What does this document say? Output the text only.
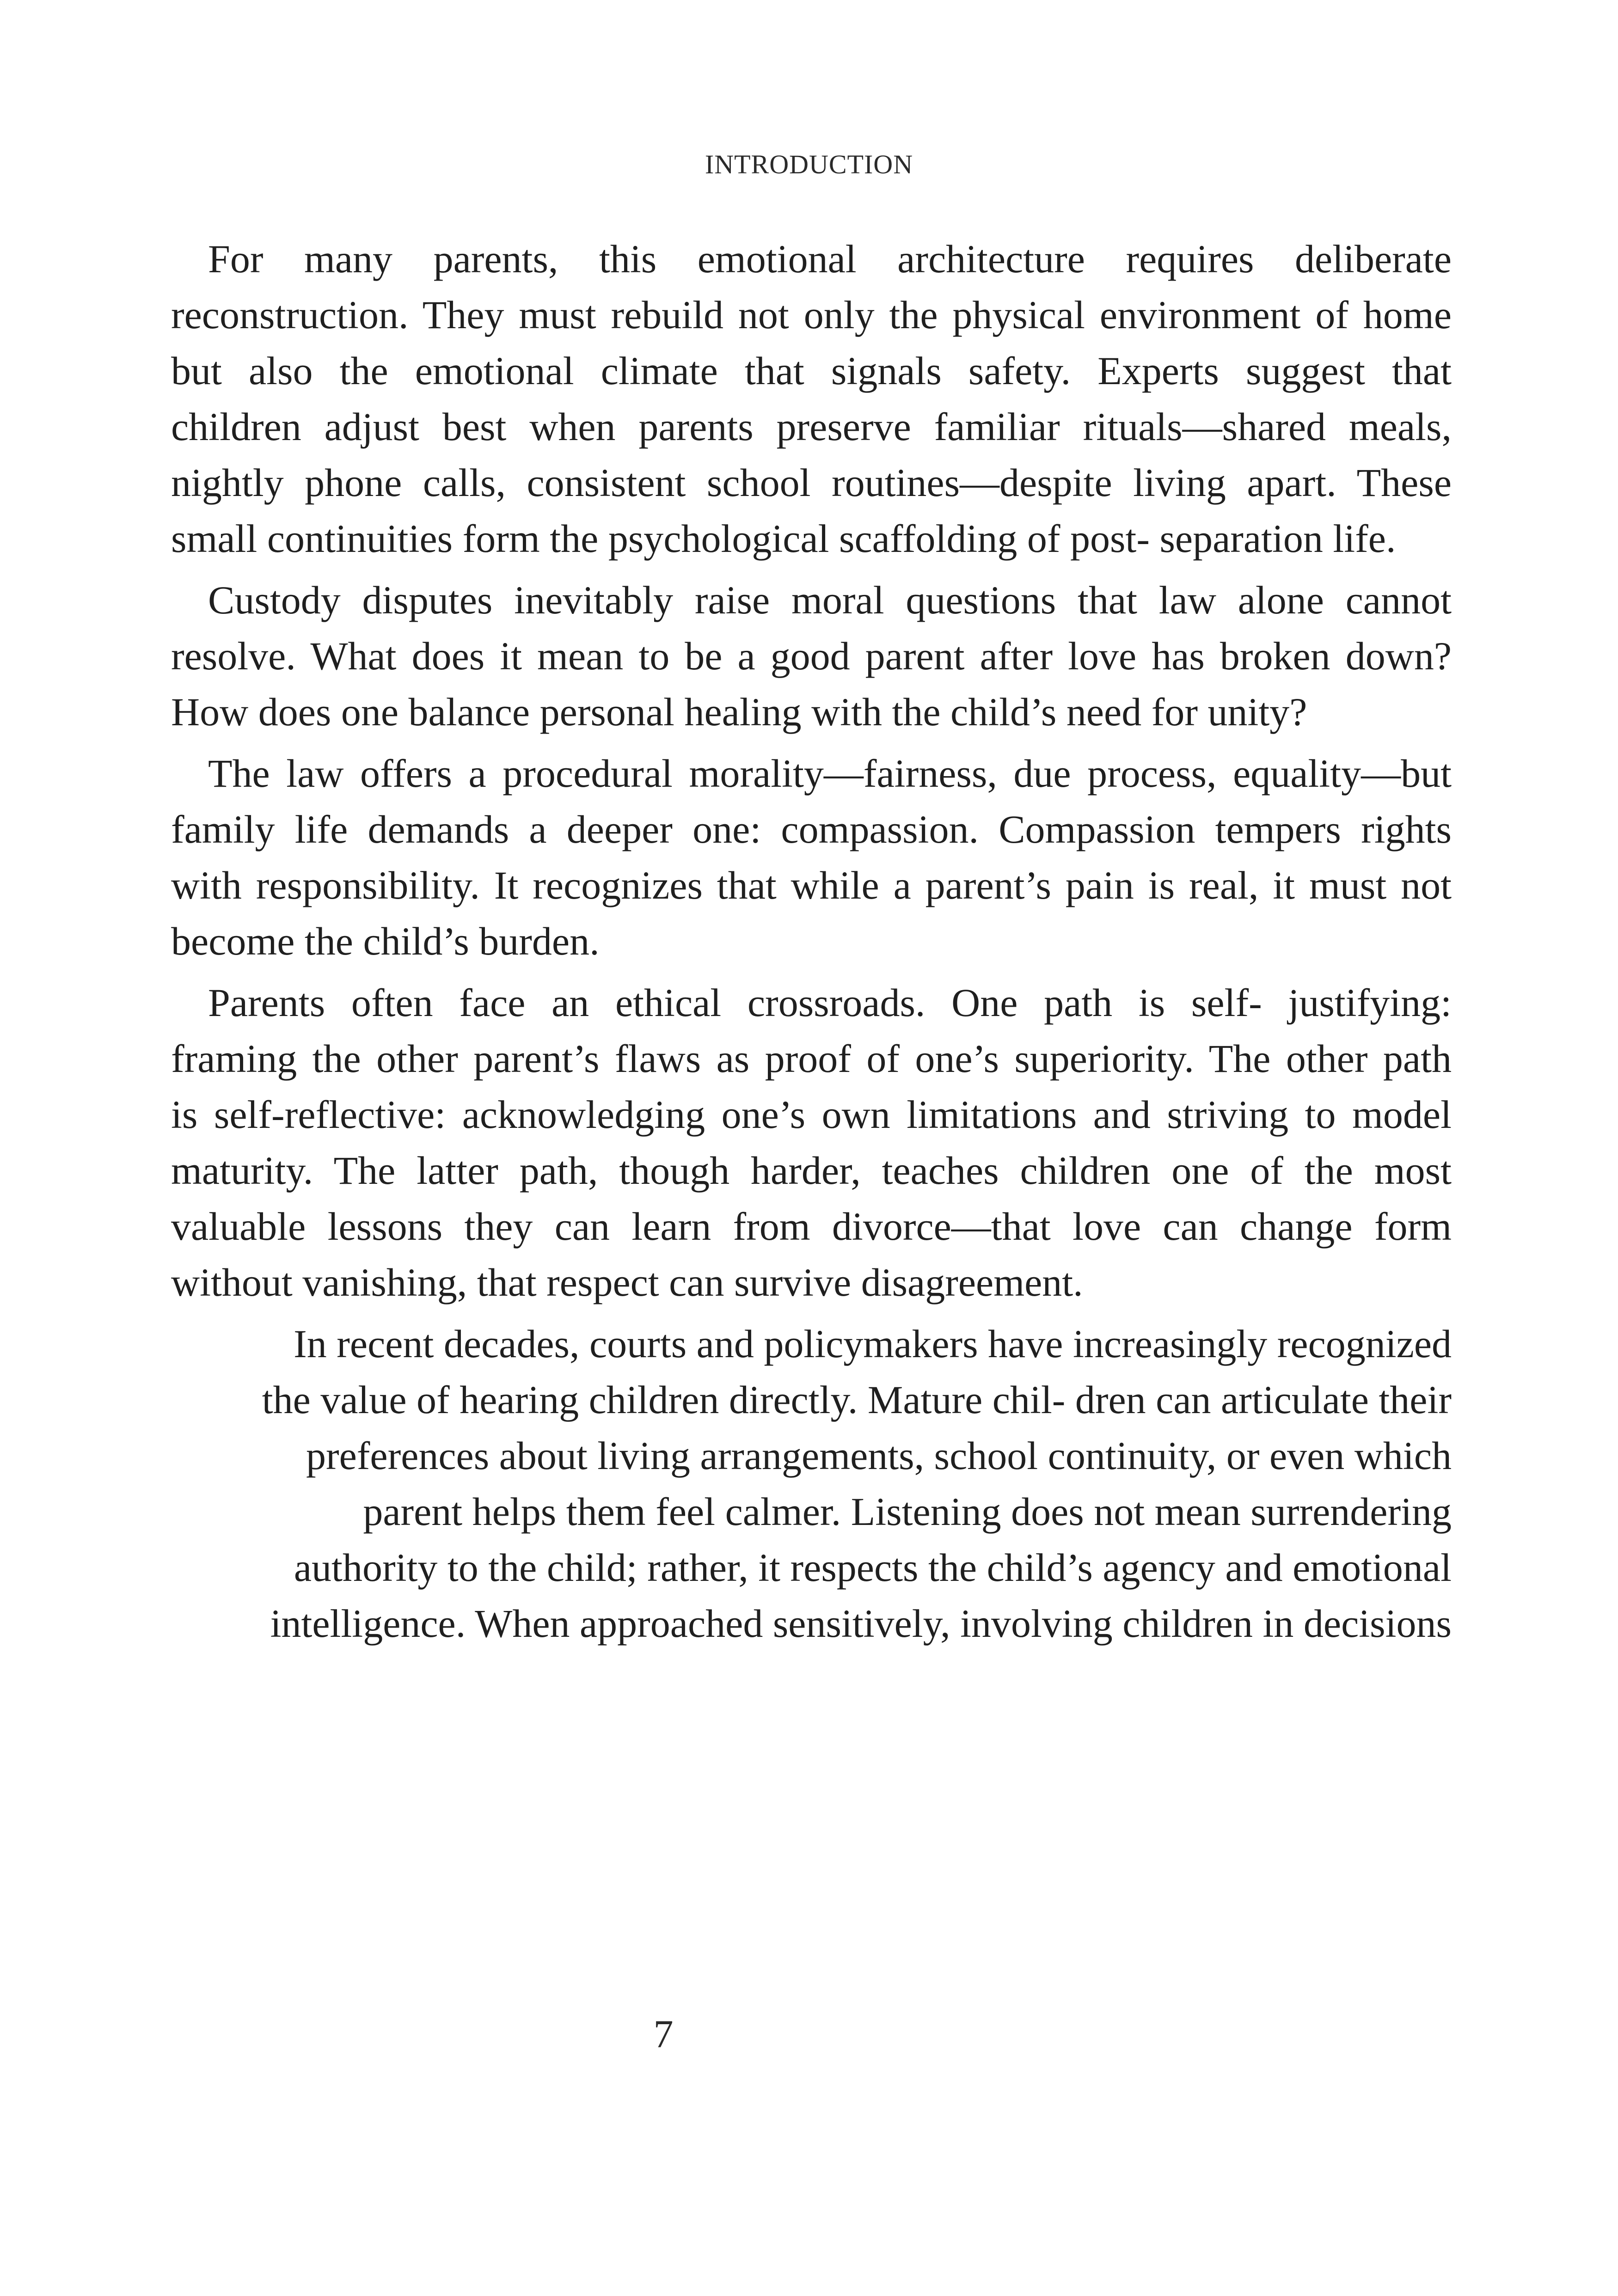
INTRODUCTION
For many parents, this emotional architecture requires deliberate
reconstruction. They must rebuild not only the physical environment of home
but also the emotional climate that signals safety. Experts suggest that
children adjust best when parents preserve familiar rituals—shared meals,
nightly phone calls, consistent school routines—despite living apart. These
small continuities form the psychological scaffolding of post- separation life.
Custody disputes inevitably raise moral questions that law alone cannot
resolve. What does it mean to be a good parent after love has broken down?
How does one balance personal healing with the child’s need for unity?
The law offers a procedural morality—fairness, due process, equality—but
family life demands a deeper one: compassion. Compassion tempers rights
with responsibility. It recognizes that while a parent’s pain is real, it must not
become the child’s burden.
Parents often face an ethical crossroads. One path is self- justifying:
framing the other parent’s flaws as proof of one’s superiority. The other path
is self-reflective: acknowledging one’s own limitations and striving to model
maturity. The latter path, though harder, teaches children one of the most
valuable lessons they can learn from divorce—that love can change form
without vanishing, that respect can survive disagreement.
In recent decades, courts and policymakers have increasingly recognized
the value of hearing children directly. Mature chil- dren can articulate their
preferences about living arrangements, school continuity, or even which
parent helps them feel calmer. Listening does not mean surrendering
authority to the child; rather, it respects the child’s agency and emotional
intelligence. When approached sensitively, involving children in decisions
7
